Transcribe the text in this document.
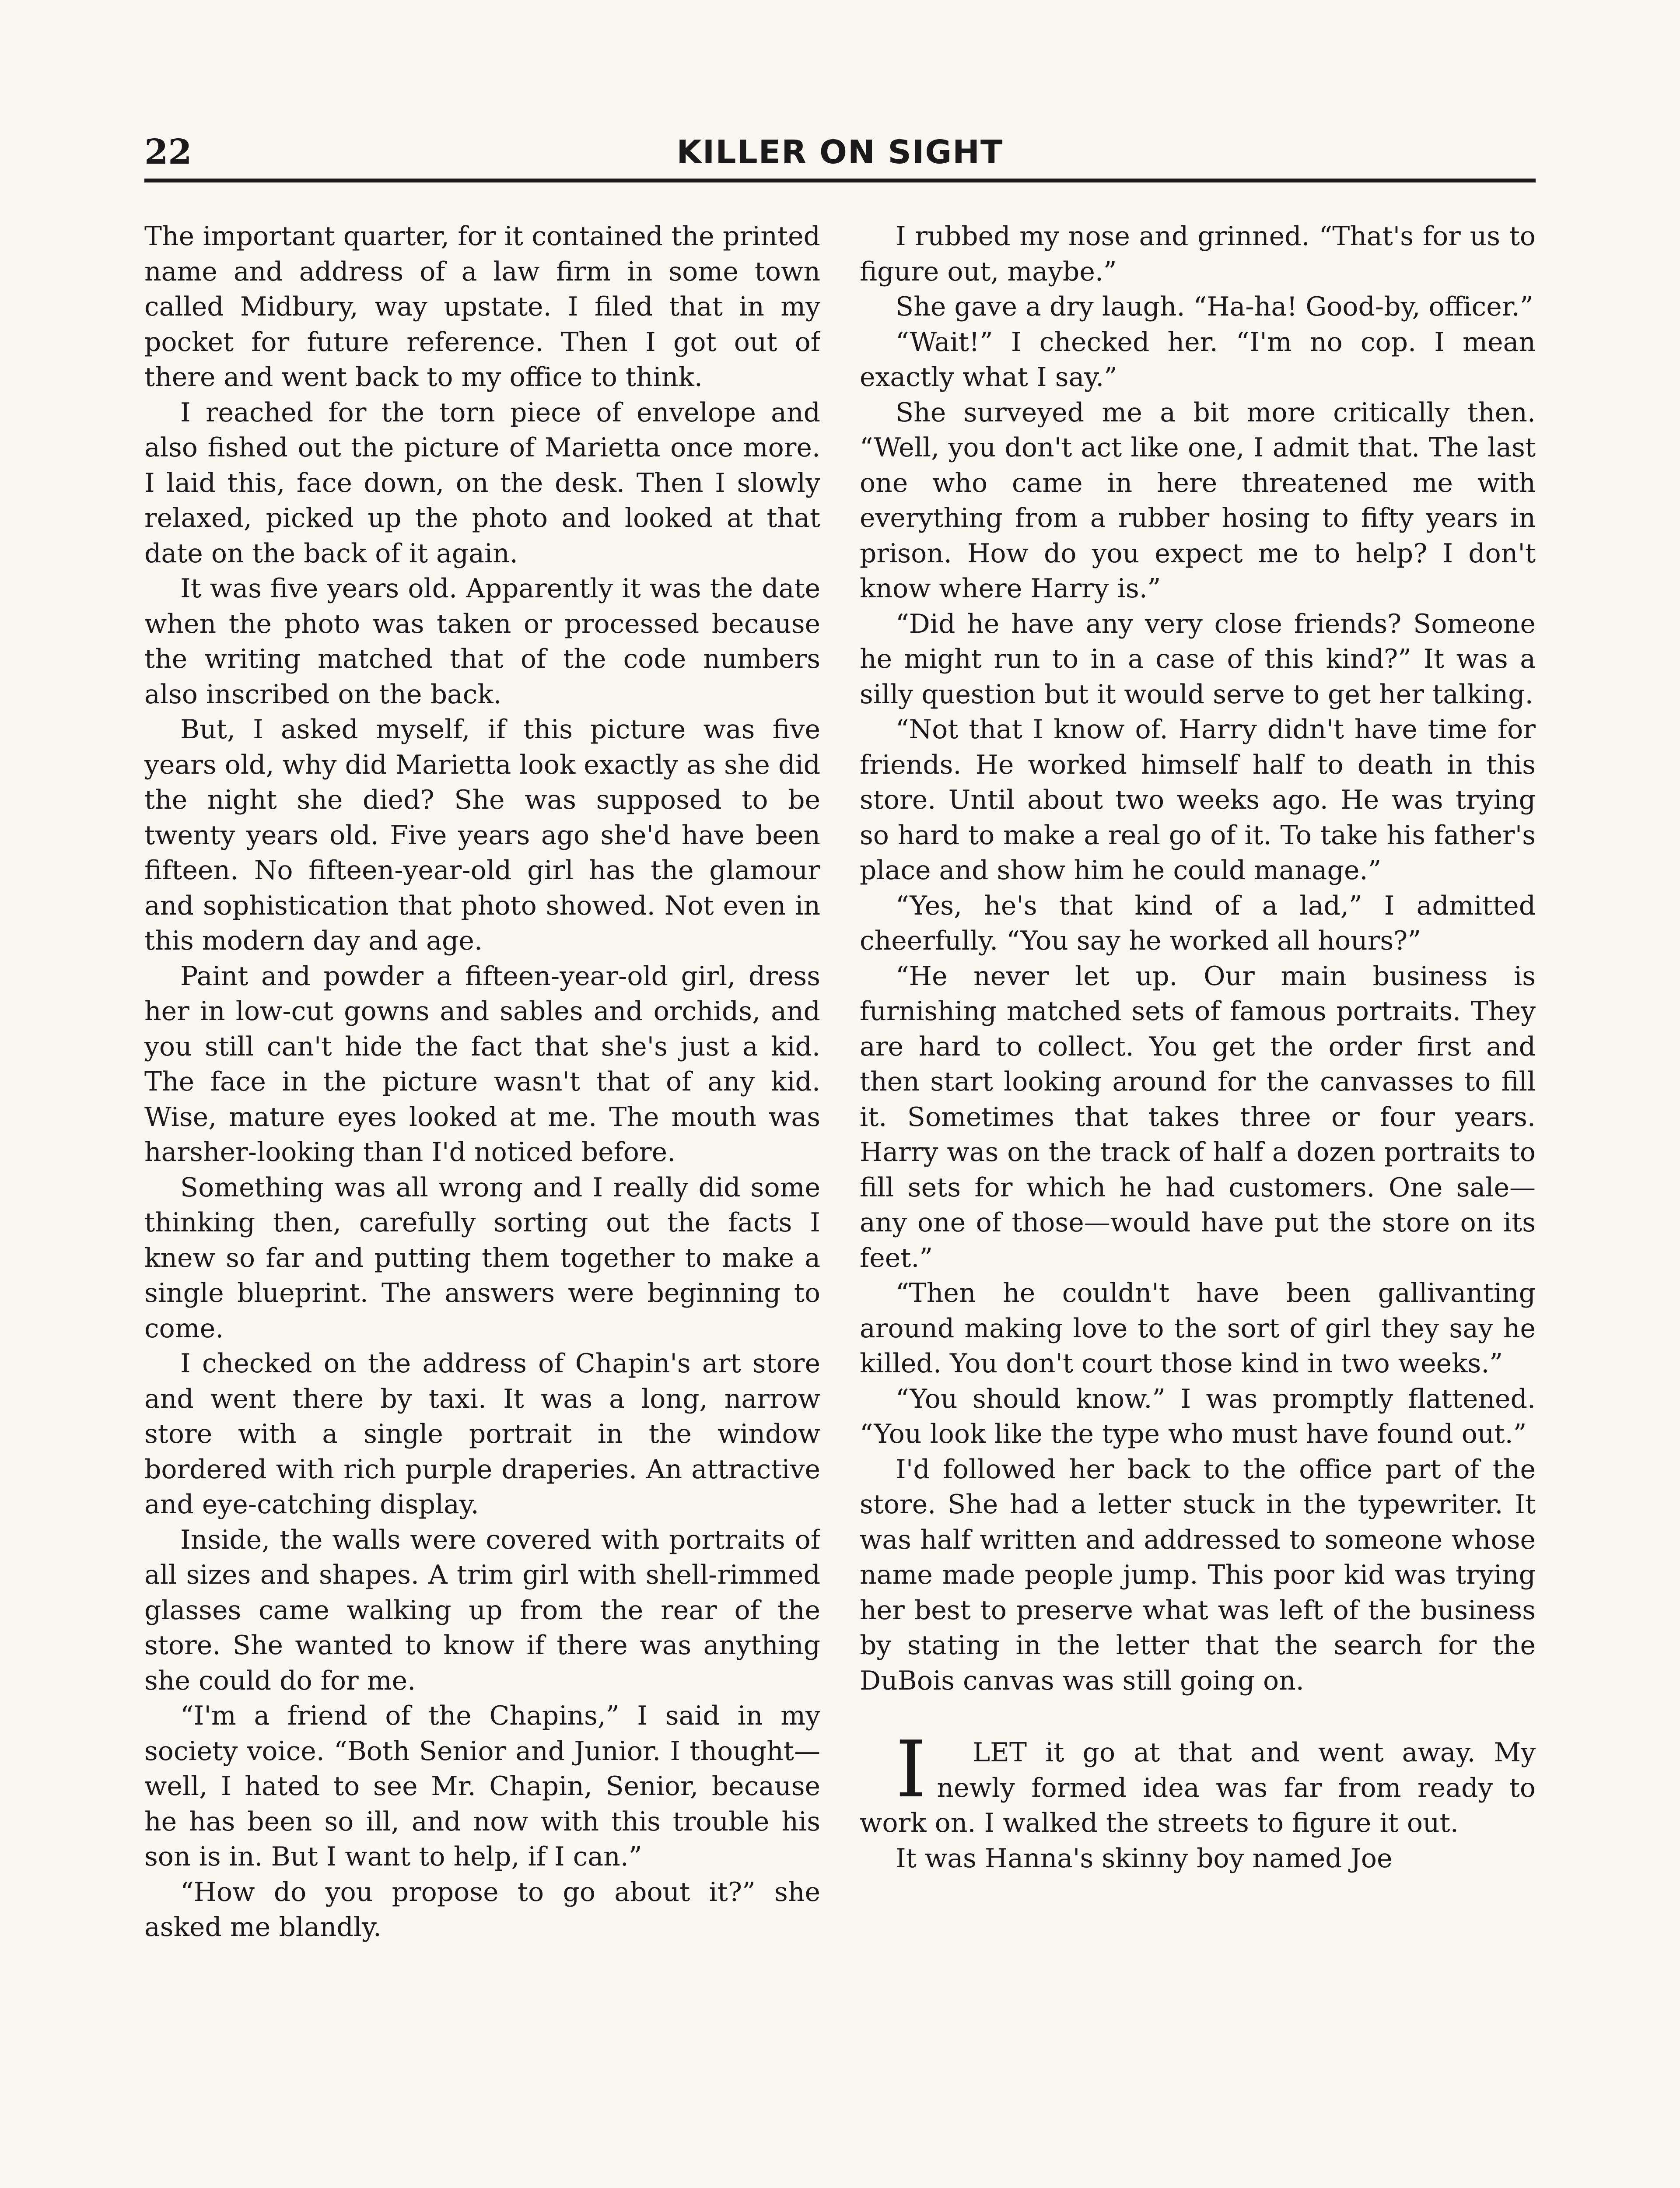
22	KILLER ON SIGHT

The important quarter, for it contained the printed name and address of a law firm in some town called Midbury, way upstate. I filed that in my pocket for future reference. Then I got out of there and went back to my office to think.

I reached for the torn piece of envelope and also fished out the picture of Marietta once more. I laid this, face down, on the desk. Then I slowly relaxed, picked up the photo and looked at that date on the back of it again.

It was five years old. Apparently it was the date when the photo was taken or processed because the writing matched that of the code numbers also inscribed on the back.

But, I asked myself, if this picture was five years old, why did Marietta look exactly as she did the night she died? She was supposed to be twenty years old. Five years ago she'd have been fifteen. No fifteen-year-old girl has the glamour and sophistication that photo showed. Not even in this modern day and age.

Paint and powder a fifteen-year-old girl, dress her in low-cut gowns and sables and orchids, and you still can't hide the fact that she's just a kid. The face in the picture wasn't that of any kid. Wise, mature eyes looked at me. The mouth was harsher-looking than I'd noticed before.

Something was all wrong and I really did some thinking then, carefully sorting out the facts I knew so far and putting them together to make a single blueprint. The answers were beginning to come.

I checked on the address of Chapin's art store and went there by taxi. It was a long, narrow store with a single portrait in the window bordered with rich purple draperies. An attractive and eye-catching display.

Inside, the walls were covered with portraits of all sizes and shapes. A trim girl with shell-rimmed glasses came walking up from the rear of the store. She wanted to know if there was anything she could do for me.

“I'm a friend of the Chapins,” I said in my society voice. “Both Senior and Junior. I thought—well, I hated to see Mr. Chapin, Senior, because he has been so ill, and now with this trouble his son is in. But I want to help, if I can.”

“How do you propose to go about it?” she asked me blandly.

I rubbed my nose and grinned. “That's for us to figure out, maybe.”

She gave a dry laugh. “Ha-ha! Good-by, officer.”

“Wait!” I checked her. “I'm no cop. I mean exactly what I say.”

She surveyed me a bit more critically then. “Well, you don't act like one, I admit that. The last one who came in here threatened me with everything from a rubber hosing to fifty years in prison. How do you expect me to help? I don't know where Harry is.”

“Did he have any very close friends? Someone he might run to in a case of this kind?” It was a silly question but it would serve to get her talking.

“Not that I know of. Harry didn't have time for friends. He worked himself half to death in this store. Until about two weeks ago. He was trying so hard to make a real go of it. To take his father's place and show him he could manage.”

“Yes, he's that kind of a lad,” I admitted cheerfully. “You say he worked all hours?”

“He never let up. Our main business is furnishing matched sets of famous portraits. They are hard to collect. You get the order first and then start looking around for the canvasses to fill it. Sometimes that takes three or four years. Harry was on the track of half a dozen portraits to fill sets for which he had customers. One sale—any one of those—would have put the store on its feet.”

“Then he couldn't have been gallivanting around making love to the sort of girl they say he killed. You don't court those kind in two weeks.”

“You should know.” I was promptly flattened. “You look like the type who must have found out.”

I'd followed her back to the office part of the store. She had a letter stuck in the typewriter. It was half written and addressed to someone whose name made people jump. This poor kid was trying her best to preserve what was left of the business by stating in the letter that the search for the DuBois canvas was still going on.

I LET it go at that and went away. My newly formed idea was far from ready to work on. I walked the streets to figure it out.

It was Hanna's skinny boy named Joe
